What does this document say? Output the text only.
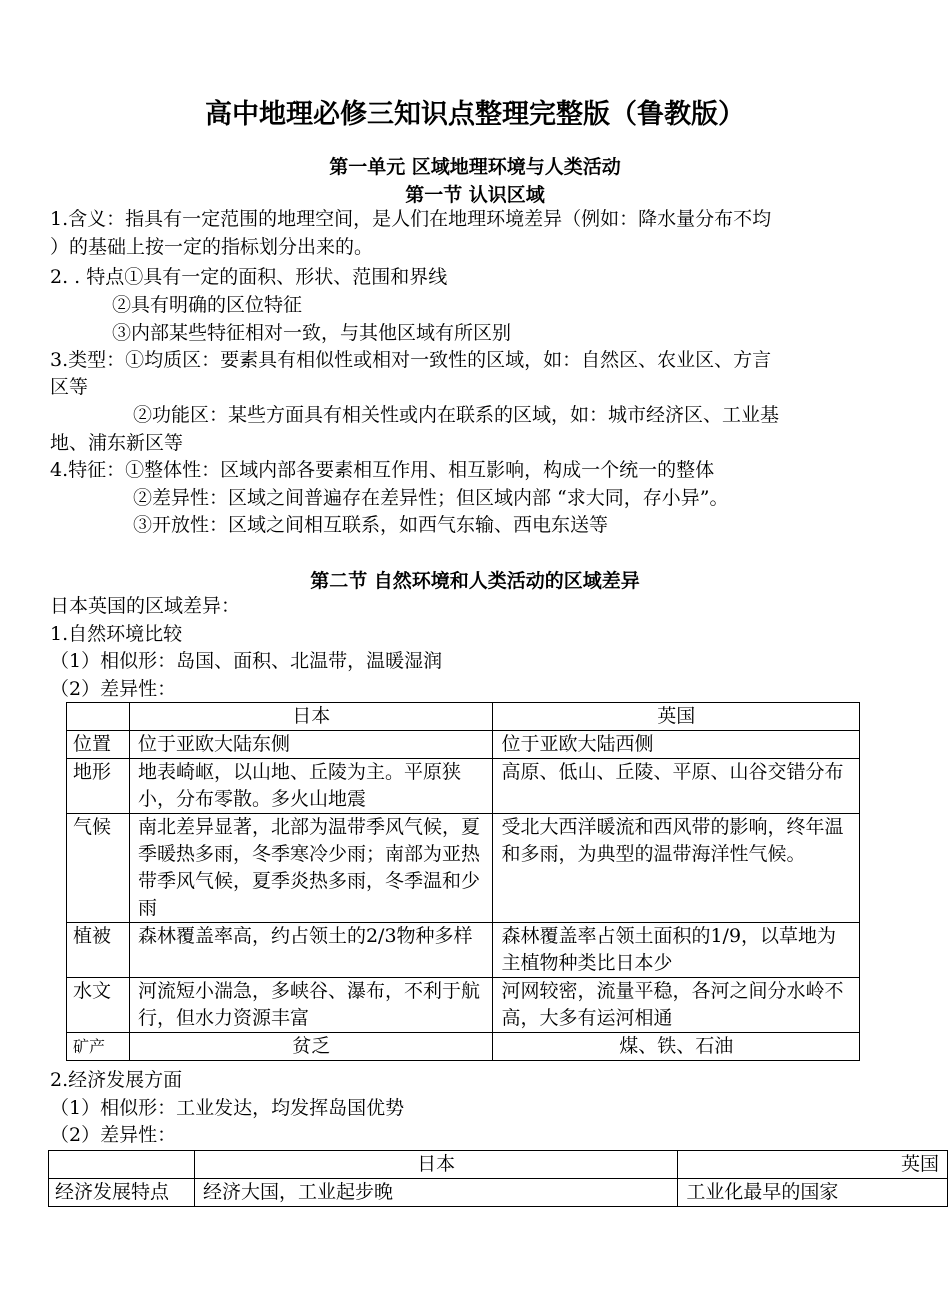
高中地理必修三知识点整理完整版（鲁教版）
第一单元 区域地理环境与人类活动
第一节 认识区域
1.含义：指具有一定范围的地理空间，是人们在地理环境差异（例如：降水量分布不均
）的基础上按一定的指标划分出来的。
2. . 特点①具有一定的面积、形状、范围和界线
②具有明确的区位特征
③内部某些特征相对一致，与其他区域有所区别
3.类型：①均质区：要素具有相似性或相对一致性的区域，如：自然区、农业区、方言
区等
②功能区：某些方面具有相关性或内在联系的区域，如：城市经济区、工业基
地、浦东新区等
4.特征：①整体性：区域内部各要素相互作用、相互影响，构成一个统一的整体
②差异性：区域之间普遍存在差异性；但区域内部 “求大同，存小异”。
③开放性：区域之间相互联系，如西气东输、西电东送等
第二节 自然环境和人类活动的区域差异
日本英国的区域差异：
1.自然环境比较
（1）相似形：岛国、面积、北温带，温暖湿润
（2）差异性：
	日本	英国
位置	位于亚欧大陆东侧	位于亚欧大陆西侧
地形	地表崎岖，以山地、丘陵为主。平原狭小，分布零散。多火山地震	高原、低山、丘陵、平原、山谷交错分布
气候	南北差异显著，北部为温带季风气候，夏季暖热多雨，冬季寒冷少雨；南部为亚热带季风气候，夏季炎热多雨，冬季温和少雨	受北大西洋暖流和西风带的影响，终年温和多雨，为典型的温带海洋性气候。
植被	森林覆盖率高，约占领土的2/3物种多样	森林覆盖率占领土面积的1/9，以草地为主植物种类比日本少
水文	河流短小湍急，多峡谷、瀑布，不利于航行，但水力资源丰富	河网较密，流量平稳，各河之间分水岭不高，大多有运河相通
矿产	贫乏	煤、铁、石油
2.经济发展方面
（1）相似形：工业发达，均发挥岛国优势
（2）差异性：
	日本	英国
经济发展特点	经济大国，工业起步晚	工业化最早的国家
